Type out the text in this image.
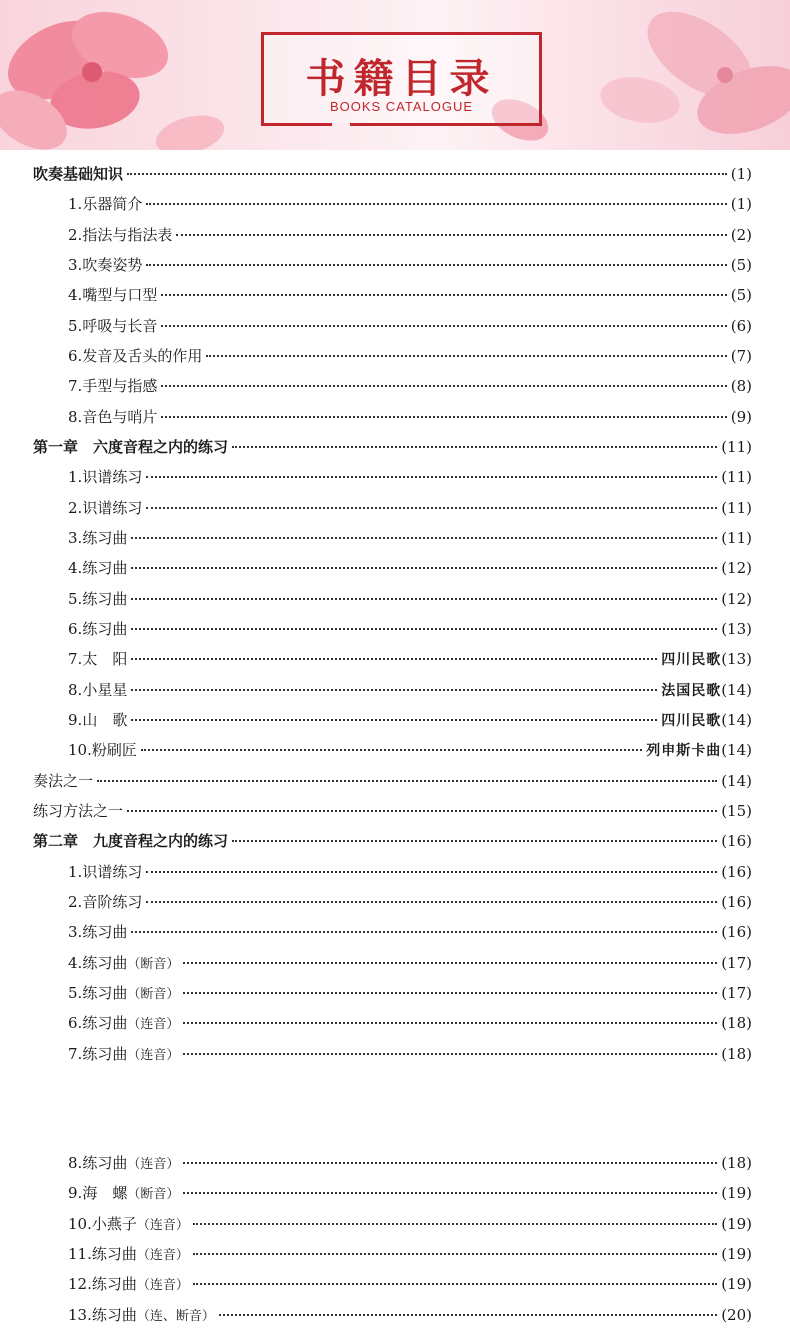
书籍目录
BOOKS CATALOGUE
吹奏基础知识	(1)
1. 乐器简介	(1)
2. 指法与指法表	(2)
3. 吹奏姿势	(5)
4. 嘴型与口型	(5)
5. 呼吸与长音	(6)
6. 发音及舌头的作用	(7)
7. 手型与指感	(8)
8. 音色与哨片	(9)
第一章　六度音程之内的练习	(11)
1. 识谱练习	(11)
2. 识谱练习	(11)
3. 练习曲	(11)
4. 练习曲	(12)
5. 练习曲	(12)
6. 练习曲	(13)
7. 太　阳	四川民歌 (13)
8. 小星星	法国民歌 (14)
9. 山　歌	四川民歌 (14)
10. 粉刷匠	列申斯卡曲 (14)
奏法之一	(14)
练习方法之一	(15)
第二章　九度音程之内的练习	(16)
1. 识谱练习	(16)
2. 音阶练习	(16)
3. 练习曲	(16)
4. 练习曲 （断音）	(17)
5. 练习曲 （断音）	(17)
6. 练习曲 （连音）	(18)
7. 练习曲 （连音）	(18)
8. 练习曲 （连音）	(18)
9. 海　螺 （断音）	(19)
10. 小燕子 （连音）	(19)
11. 练习曲 （连音）	(19)
12. 练习曲 （连音）	(19)
13. 练习曲 （连、断音）	(20)
